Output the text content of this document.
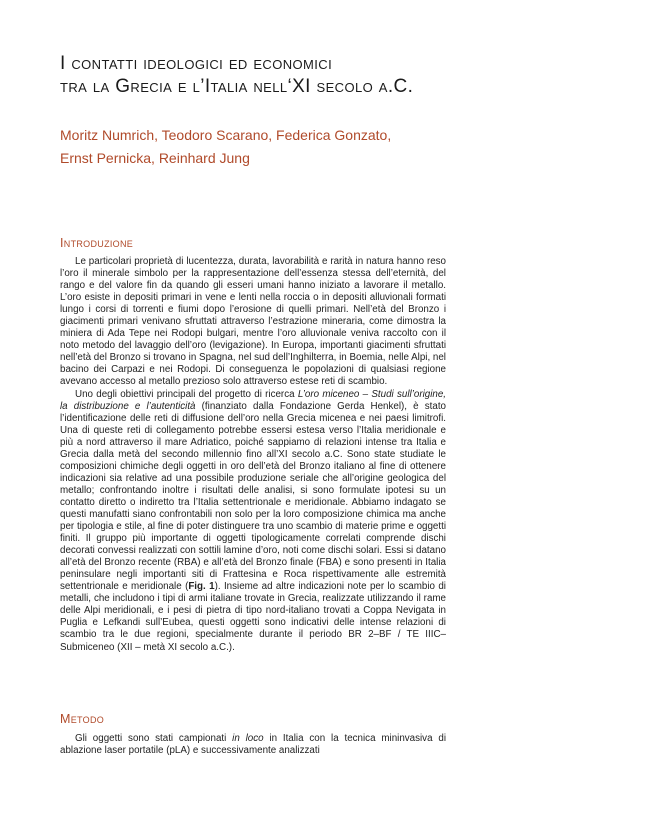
I contatti ideologici ed economici
tra la Grecia e l’Italia nell‘XI secolo a.C.
Moritz Numrich, Teodoro Scarano, Federica Gonzato,
Ernst Pernicka, Reinhard Jung
Introduzione

Le particolari proprietà di lucentezza, durata, lavorabilità e rarità in natura hanno reso l’oro il minerale simbolo per la rappresentazione dell’essenza stessa dell’eternità, del rango e del valore fin da quando gli esseri umani hanno iniziato a lavorare il metallo. L’oro esiste in depositi primari in vene e lenti nella roccia o in depositi alluvionali formati lungo i corsi di torrenti e fiumi dopo l’erosione di quelli primari. Nell’età del Bronzo i giacimenti primari venivano sfruttati attraverso l’estrazione mineraria, come dimostra la miniera di Ada Tepe nei Rodopi bulgari, mentre l’oro alluvionale veniva raccolto con il noto metodo del lavaggio dell’oro (levigazione). In Europa, importanti giacimenti sfruttati nell’età del Bronzo si trovano in Spagna, nel sud dell’Inghilterra, in Boemia, nelle Alpi, nel bacino dei Carpazi e nei Rodopi. Di conseguenza le popolazioni di qualsiasi regione avevano accesso al metallo prezioso solo attraverso estese reti di scambio.

Uno degli obiettivi principali del progetto di ricerca L’oro miceneo – Studi sull’origine, la distribuzione e l’autenticità (finanziato dalla Fondazione Gerda Henkel), è stato l’identificazione delle reti di diffusione dell’oro nella Grecia micenea e nei paesi limitrofi. Una di queste reti di collegamento potrebbe essersi estesa verso l’Italia meridionale e più a nord attraverso il mare Adriatico, poiché sappiamo di relazioni intense tra Italia e Grecia dalla metà del secondo millennio fino all’XI secolo a.C. Sono state studiate le composizioni chimiche degli oggetti in oro dell’età del Bronzo italiano al fine di ottenere indicazioni sia relative ad una possibile produzione seriale che all’origine geologica del metallo; confrontando inoltre i risultati delle analisi, si sono formulate ipotesi su un contatto diretto o indiretto tra l’Italia settentrionale e meridionale. Abbiamo indagato se questi manufatti siano confrontabili non solo per la loro composizione chimica ma anche per tipologia e stile, al fine di poter distinguere tra uno scambio di materie prime e oggetti finiti. Il gruppo più importante di oggetti tipologicamente correlati comprende dischi decorati convessi realizzati con sottili lamine d’oro, noti come dischi solari. Essi si datano all’età del Bronzo recente (RBA) e all’età del Bronzo finale (FBA) e sono presenti in Italia peninsulare negli importanti siti di Frattesina e Roca rispettivamente alle estremità settentrionale e meridionale (Fig. 1). Insieme ad altre indicazioni note per lo scambio di metalli, che includono i tipi di armi italiane trovate in Grecia, realizzate utilizzando il rame delle Alpi meridionali, e i pesi di pietra di tipo nord-italiano trovati a Coppa Nevigata in Puglia e Lefkandi sull’Eubea, questi oggetti sono indicativi delle intense relazioni di scambio tra le due regioni, specialmente durante il periodo BR 2–BF / TE IIIC–Submiceneo (XII – metà XI secolo a.C.).

Metodo

Gli oggetti sono stati campionati in loco in Italia con la tecnica mininvasiva di ablazione laser portatile (pLA) e successivamente analizzati
